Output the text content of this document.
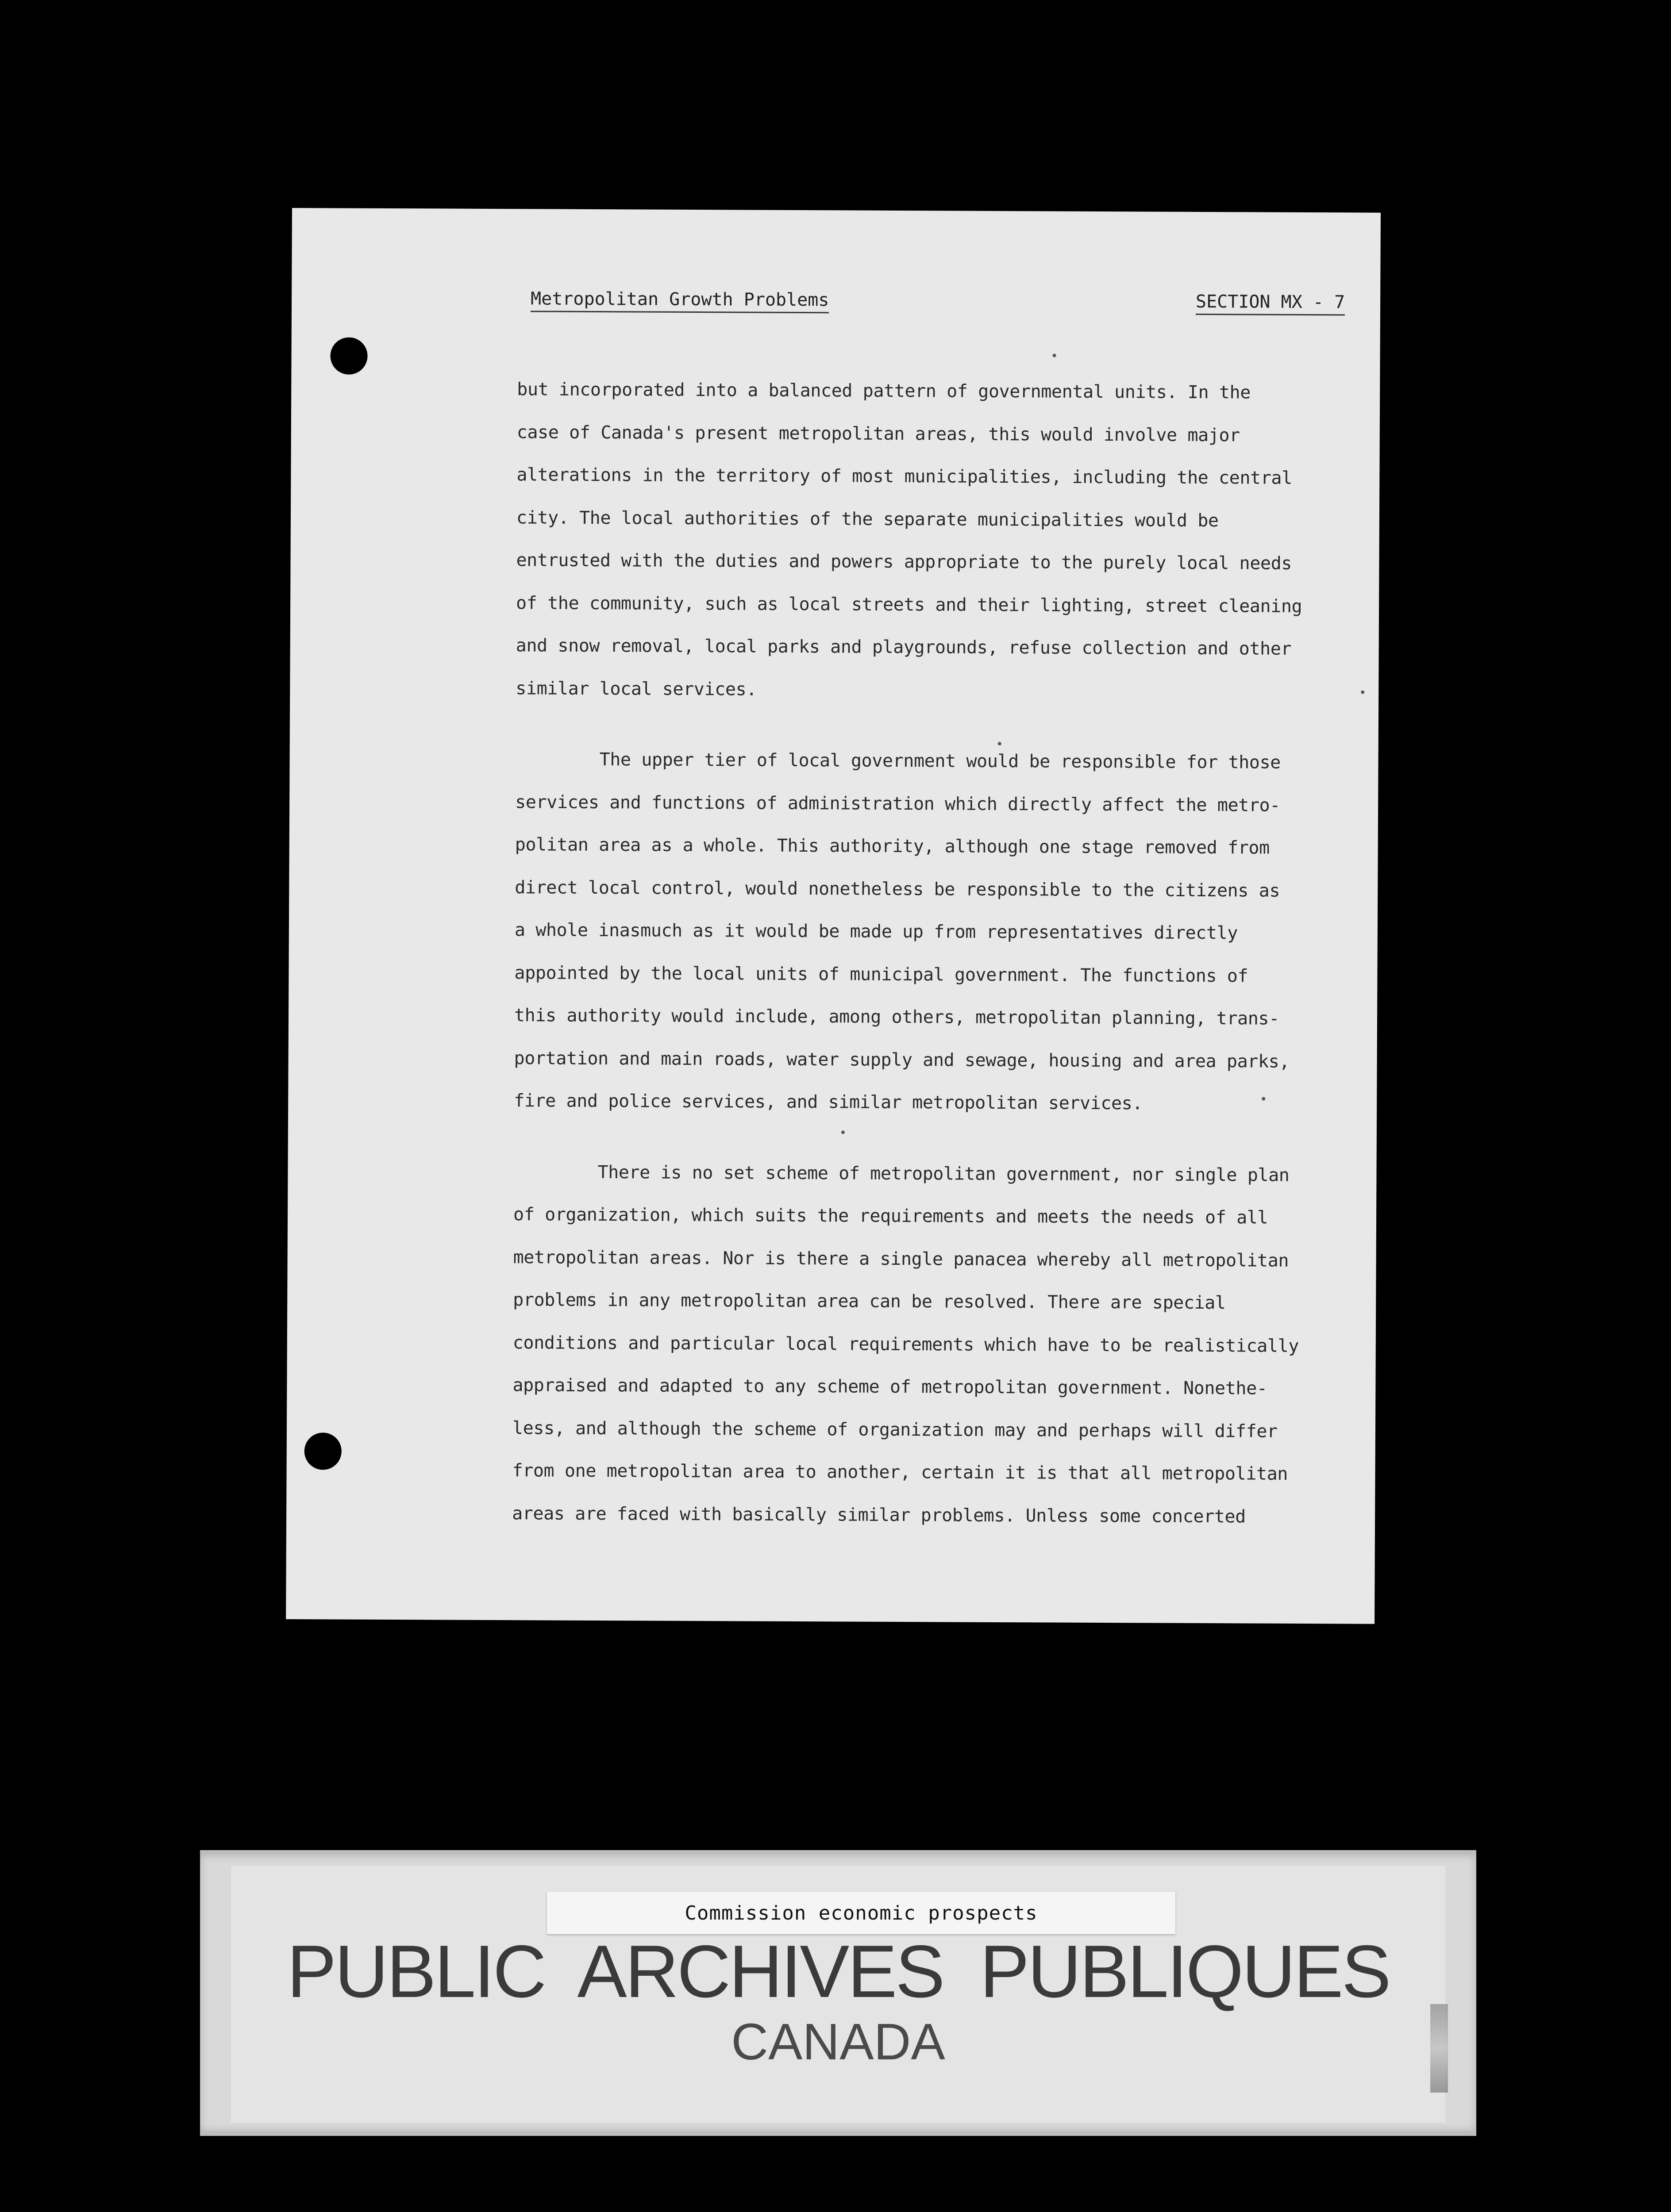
Metropolitan Growth Problems	SECTION MX - 7
but incorporated into a balanced pattern of governmental units. In the
case of Canada's present metropolitan areas, this would involve major
alterations in the territory of most municipalities, including the central
city. The local authorities of the separate municipalities would be
entrusted with the duties and powers appropriate to the purely local needs
of the community, such as local streets and their lighting, street cleaning
and snow removal, local parks and playgrounds, refuse collection and other
similar local services.
The upper tier of local government would be responsible for those
services and functions of administration which directly affect the metro-
politan area as a whole. This authority, although one stage removed from
direct local control, would nonetheless be responsible to the citizens as
a whole inasmuch as it would be made up from representatives directly
appointed by the local units of municipal government. The functions of
this authority would include, among others, metropolitan planning, trans-
portation and main roads, water supply and sewage, housing and area parks,
fire and police services, and similar metropolitan services.
There is no set scheme of metropolitan government, nor single plan
of organization, which suits the requirements and meets the needs of all
metropolitan areas. Nor is there a single panacea whereby all metropolitan
problems in any metropolitan area can be resolved. There are special
conditions and particular local requirements which have to be realistically
appraised and adapted to any scheme of metropolitan government. Nonethe-
less, and although the scheme of organization may and perhaps will differ
from one metropolitan area to another, certain it is that all metropolitan
areas are faced with basically similar problems. Unless some concerted
Commission economic prospects
PUBLIC ARCHIVES PUBLIQUES
CANADA
